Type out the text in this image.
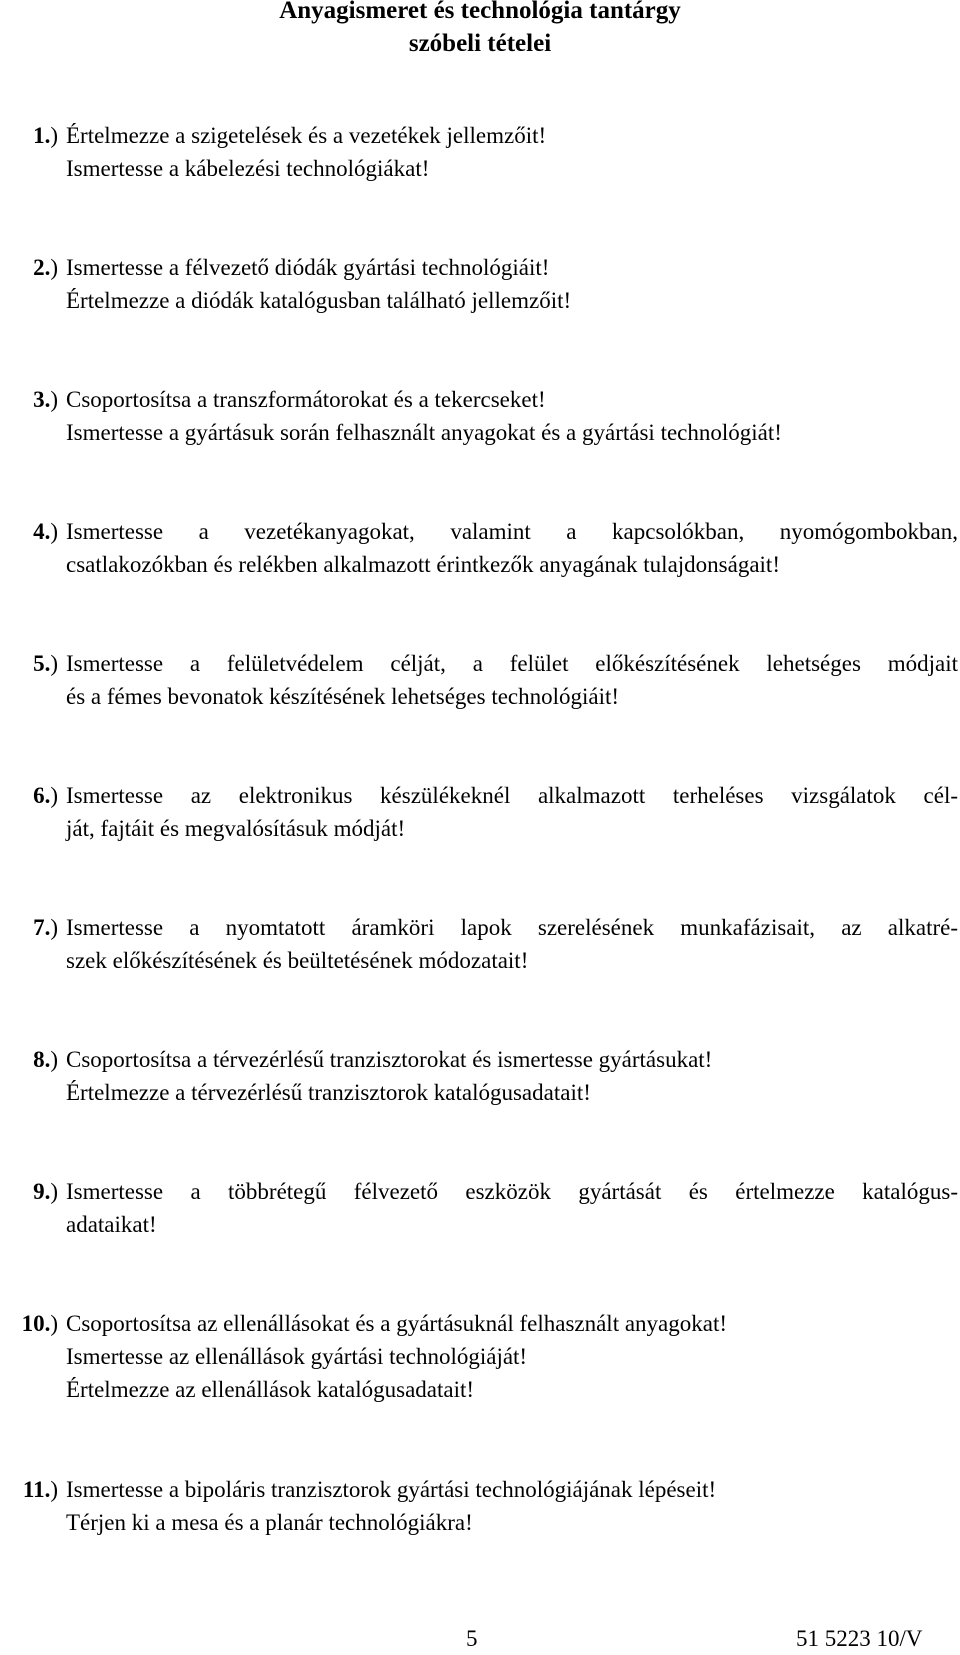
Anyagismeret és technológia tantárgy
szóbeli tételei
1.) Értelmezze a szigetelések és a vezetékek jellemzőit!
Ismertesse a kábelezési technológiákat!
2.) Ismertesse a félvezető diódák gyártási technológiáit!
Értelmezze a diódák katalógusban található jellemzőit!
3.) Csoportosítsa a transzformátorokat és a tekercseket!
Ismertesse a gyártásuk során felhasznált anyagokat és a gyártási technológiát!
4.) Ismertesse a vezetékanyagokat, valamint a kapcsolókban, nyomógombokban,
csatlakozókban és relékben alkalmazott érintkezők anyagának tulajdonságait!
5.) Ismertesse a felületvédelem célját, a felület előkészítésének lehetséges módjait
és a fémes bevonatok készítésének lehetséges technológiáit!
6.) Ismertesse az elektronikus készülékeknél alkalmazott terheléses vizsgálatok cél-
ját, fajtáit és megvalósításuk módját!
7.) Ismertesse a nyomtatott áramköri lapok szerelésének munkafázisait, az alkatré-
szek előkészítésének és beültetésének módozatait!
8.) Csoportosítsa a térvezérlésű tranzisztorokat és ismertesse gyártásukat!
Értelmezze a térvezérlésű tranzisztorok katalógusadatait!
9.) Ismertesse a többrétegű félvezető eszközök gyártását és értelmezze katalógus-
adataikat!
10.) Csoportosítsa az ellenállásokat és a gyártásuknál felhasznált anyagokat!
Ismertesse az ellenállások gyártási technológiáját!
Értelmezze az ellenállások katalógusadatait!
11.) Ismertesse a bipoláris tranzisztorok gyártási technológiájának lépéseit!
Térjen ki a mesa és a planár technológiákra!
5	51 5223 10/V
